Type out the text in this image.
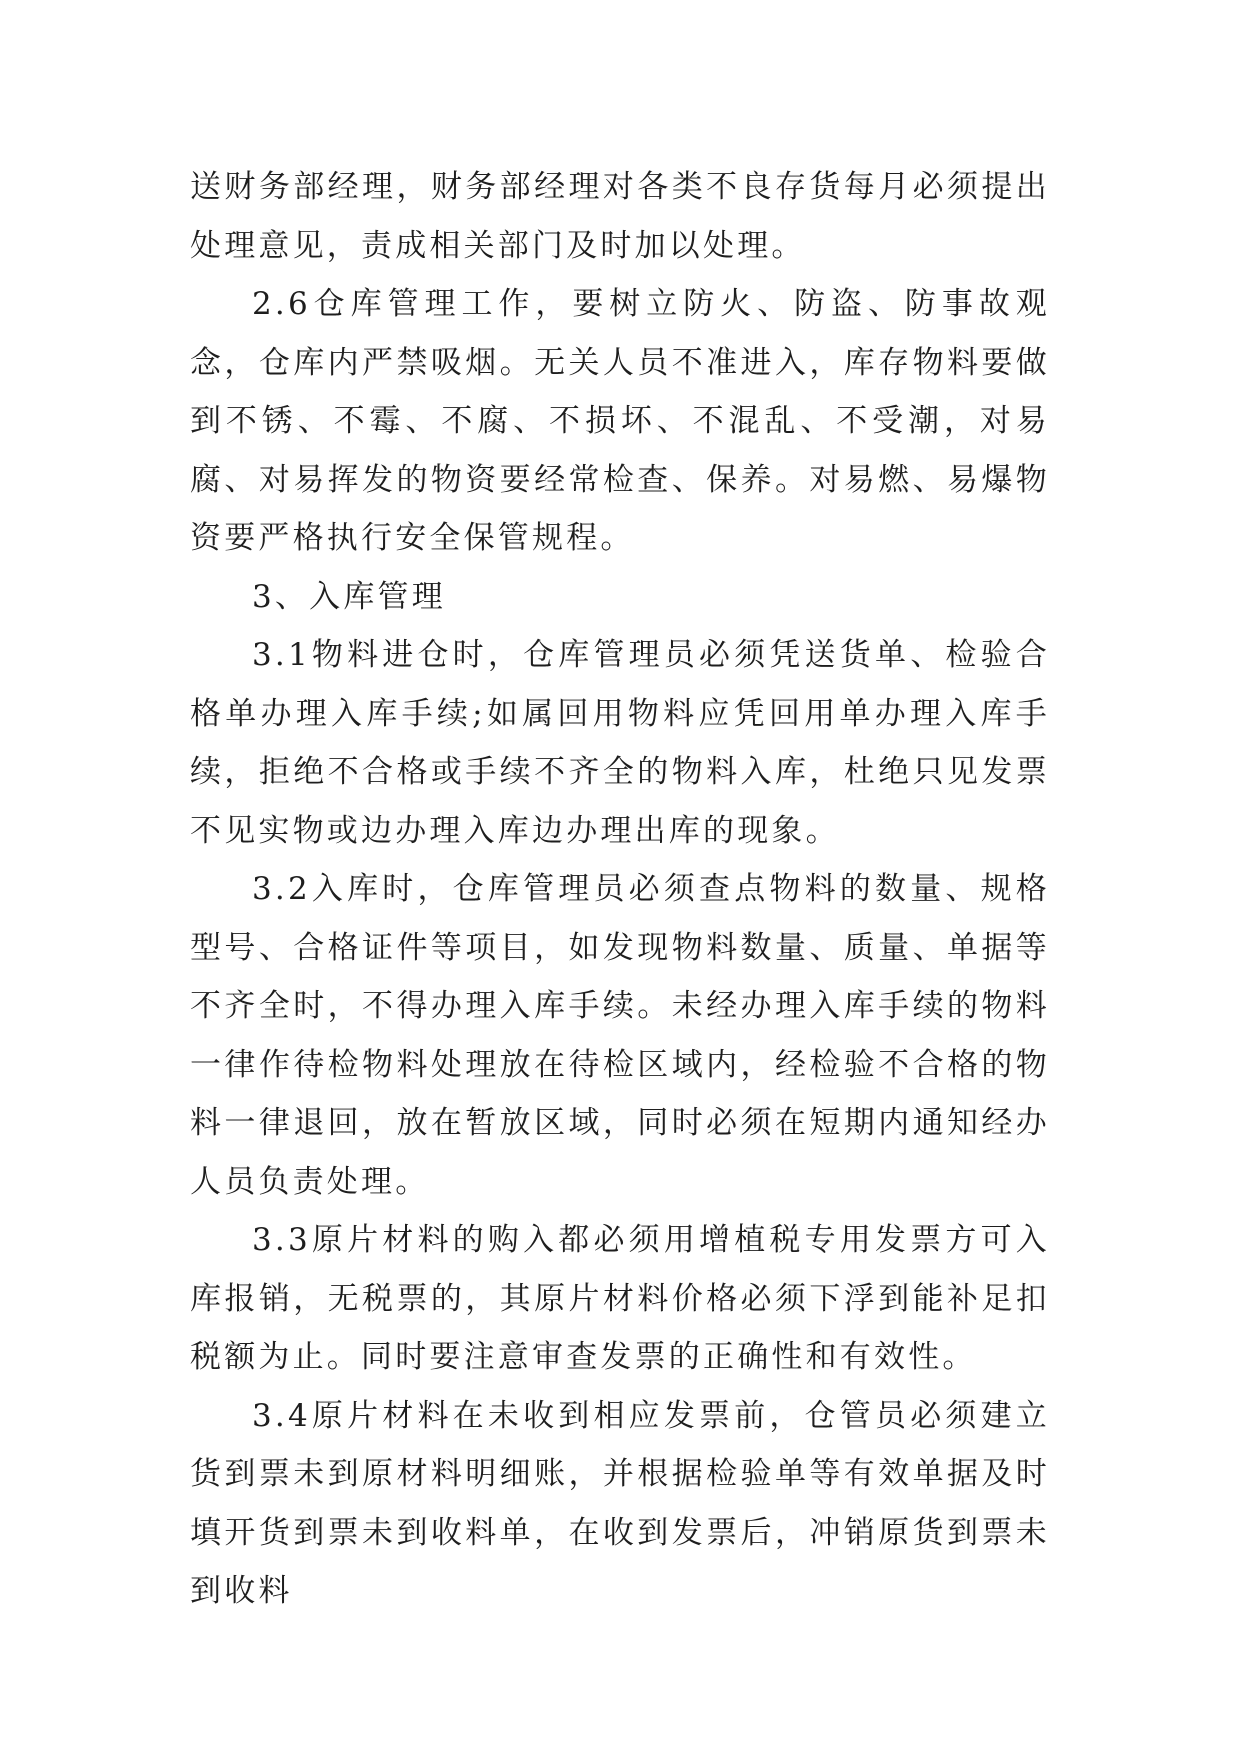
送财务部经理，财务部经理对各类不良存货每月必须提出处理意见，责成相关部门及时加以处理。

2.6仓库管理工作，要树立防火、防盗、防事故观念，仓库内严禁吸烟。无关人员不准进入，库存物料要做到不锈、不霉、不腐、不损坏、不混乱、不受潮，对易腐、对易挥发的物资要经常检查、保养。对易燃、易爆物资要严格执行安全保管规程。

3、入库管理

3.1物料进仓时，仓库管理员必须凭送货单、检验合格单办理入库手续;如属回用物料应凭回用单办理入库手续，拒绝不合格或手续不齐全的物料入库，杜绝只见发票不见实物或边办理入库边办理出库的现象。

3.2入库时，仓库管理员必须查点物料的数量、规格型号、合格证件等项目，如发现物料数量、质量、单据等不齐全时，不得办理入库手续。未经办理入库手续的物料一律作待检物料处理放在待检区域内，经检验不合格的物料一律退回，放在暂放区域，同时必须在短期内通知经办人员负责处理。

3.3原片材料的购入都必须用增植税专用发票方可入库报销，无税票的，其原片材料价格必须下浮到能补足扣税额为止。同时要注意审查发票的正确性和有效性。

3.4原片材料在未收到相应发票前，仓管员必须建立货到票未到原材料明细账，并根据检验单等有效单据及时填开货到票未到收料单，在收到发票后，冲销原货到票未到收料
